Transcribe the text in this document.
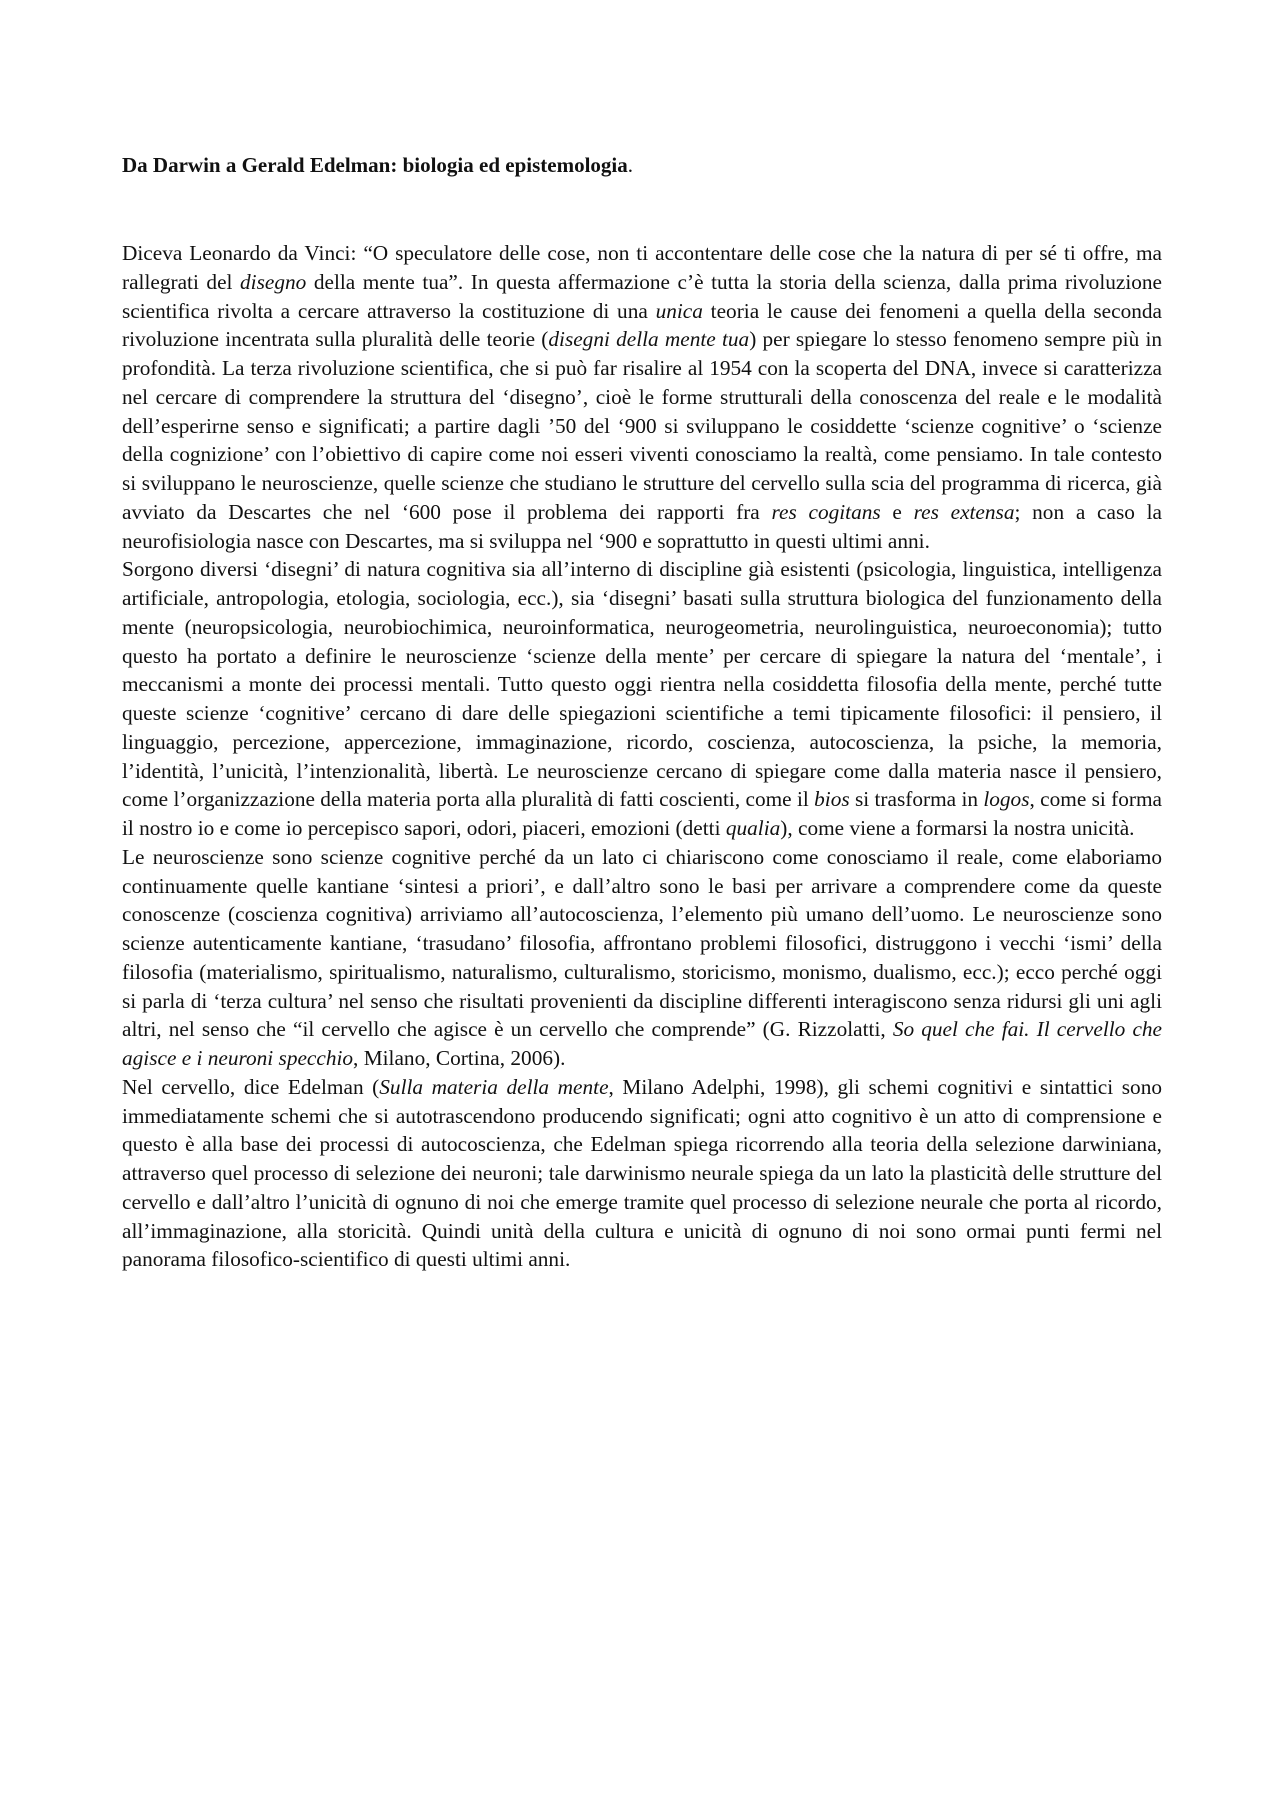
Da Darwin a Gerald Edelman: biologia ed epistemologia.

Diceva Leonardo da Vinci: “O speculatore delle cose, non ti accontentare delle cose che la natura di per sé ti offre, ma rallegrati del disegno della mente tua”. In questa affermazione c’è tutta la storia della scienza, dalla prima rivoluzione scientifica rivolta a cercare attraverso la costituzione di una unica teoria le cause dei fenomeni a quella della seconda rivoluzione incentrata sulla pluralità delle teorie (disegni della mente tua) per spiegare lo stesso fenomeno sempre più in profondità. La terza rivoluzione scientifica, che si può far risalire al 1954 con la scoperta del DNA, invece si caratterizza nel cercare di comprendere la struttura del ‘disegno’, cioè le forme strutturali della conoscenza del reale e le modalità dell’esperirne senso e significati; a partire dagli ’50 del ‘900 si sviluppano le cosiddette ‘scienze cognitive’ o ‘scienze della cognizione’ con l’obiettivo di capire come noi esseri viventi conosciamo la realtà, come pensiamo. In tale contesto si sviluppano le neuroscienze, quelle scienze che studiano le strutture del cervello sulla scia del programma di ricerca, già avviato da Descartes che nel ‘600 pose il problema dei rapporti fra res cogitans e res extensa; non a caso la neurofisiologia nasce con Descartes, ma si sviluppa nel ‘900 e soprattutto in questi ultimi anni.

Sorgono diversi ‘disegni’ di natura cognitiva sia all’interno di discipline già esistenti (psicologia, linguistica, intelligenza artificiale, antropologia, etologia, sociologia, ecc.), sia ‘disegni’ basati sulla struttura biologica del funzionamento della mente (neuropsicologia, neurobiochimica, neuroinformatica, neurogeometria, neurolinguistica, neuroeconomia); tutto questo ha portato a definire le neuroscienze ‘scienze della mente’ per cercare di spiegare la natura del ‘mentale’, i meccanismi a monte dei processi mentali. Tutto questo oggi rientra nella cosiddetta filosofia della mente, perché tutte queste scienze ‘cognitive’ cercano di dare delle spiegazioni scientifiche a temi tipicamente filosofici: il pensiero, il linguaggio, percezione, appercezione, immaginazione, ricordo, coscienza, autocoscienza, la psiche, la memoria, l’identità, l’unicità, l’intenzionalità, libertà. Le neuroscienze cercano di spiegare come dalla materia nasce il pensiero, come l’organizzazione della materia porta alla pluralità di fatti coscienti, come il bios si trasforma in logos, come si forma il nostro io e come io percepisco sapori, odori, piaceri, emozioni (detti qualia), come viene a formarsi la nostra unicità.

Le neuroscienze sono scienze cognitive perché da un lato ci chiariscono come conosciamo il reale, come elaboriamo continuamente quelle kantiane ‘sintesi a priori’, e dall’altro sono le basi per arrivare a comprendere come da queste conoscenze (coscienza cognitiva) arriviamo all’autocoscienza, l’elemento più umano dell’uomo. Le neuroscienze sono scienze autenticamente kantiane, ‘trasudano’ filosofia, affrontano problemi filosofici, distruggono i vecchi ‘ismi’ della filosofia (materialismo, spiritualismo, naturalismo, culturalismo, storicismo, monismo, dualismo, ecc.); ecco perché oggi si parla di ‘terza cultura’ nel senso che risultati provenienti da discipline differenti interagiscono senza ridursi gli uni agli altri, nel senso che “il cervello che agisce è un cervello che comprende” (G. Rizzolatti, So quel che fai. Il cervello che agisce e i neuroni specchio, Milano, Cortina, 2006).

Nel cervello, dice Edelman (Sulla materia della mente, Milano Adelphi, 1998), gli schemi cognitivi e sintattici sono immediatamente schemi che si autotrascendono producendo significati; ogni atto cognitivo è un atto di comprensione e questo è alla base dei processi di autocoscienza, che Edelman spiega ricorrendo alla teoria della selezione darwiniana, attraverso quel processo di selezione dei neuroni; tale darwinismo neurale spiega da un lato la plasticità delle strutture del cervello e dall’altro l’unicità di ognuno di noi che emerge tramite quel processo di selezione neurale che porta al ricordo, all’immaginazione, alla storicità. Quindi unità della cultura e unicità di ognuno di noi sono ormai punti fermi nel panorama filosofico-scientifico di questi ultimi anni.
